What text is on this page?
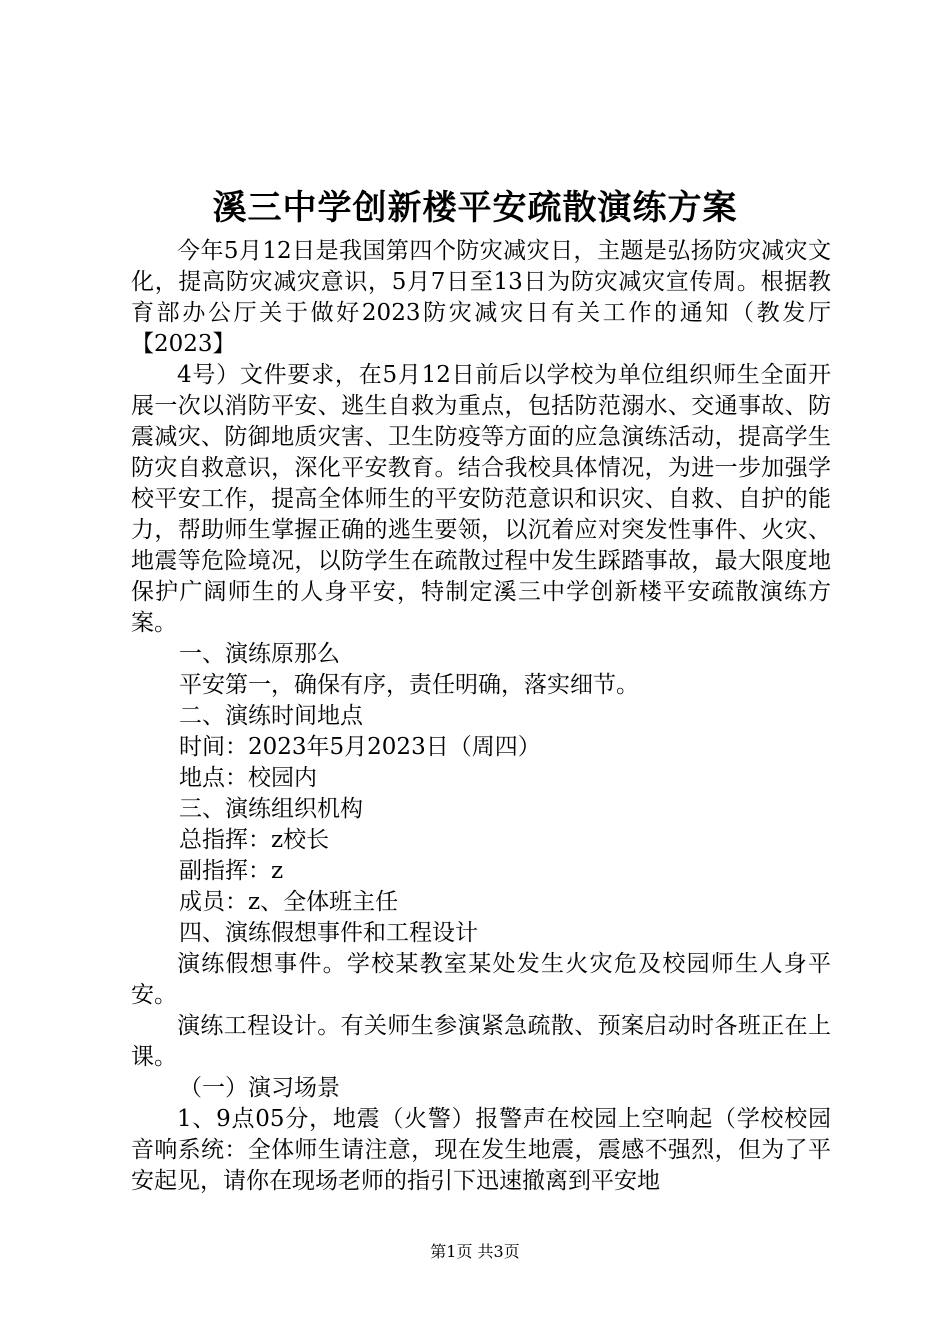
溪三中学创新楼平安疏散演练方案

今年5月12日是我国第四个防灾减灾日，主题是弘扬防灾减灾文化，提高防灾减灾意识，5月7日至13日为防灾减灾宣传周。根据教育部办公厅关于做好2023防灾减灾日有关工作的通知（教发厅【2023】

4号）文件要求，在5月12日前后以学校为单位组织师生全面开展一次以消防平安、逃生自救为重点，包括防范溺水、交通事故、防震减灾、防御地质灾害、卫生防疫等方面的应急演练活动，提高学生防灾自救意识，深化平安教育。结合我校具体情况，为进一步加强学校平安工作，提高全体师生的平安防范意识和识灾、自救、自护的能力，帮助师生掌握正确的逃生要领，以沉着应对突发性事件、火灾、地震等危险境况，以防学生在疏散过程中发生踩踏事故，最大限度地保护广阔师生的人身平安，特制定溪三中学创新楼平安疏散演练方案。

一、演练原那么

平安第一，确保有序，责任明确，落实细节。

二、演练时间地点

时间：2023年5月2023日（周四）

地点：校园内

三、演练组织机构

总指挥：z校长

副指挥：z

成员：z、全体班主任

四、演练假想事件和工程设计

演练假想事件。学校某教室某处发生火灾危及校园师生人身平安。

演练工程设计。有关师生参演紧急疏散、预案启动时各班正在上课。

（一）演习场景

1、9点05分，地震（火警）报警声在校园上空响起（学校校园音响系统：全体师生请注意，现在发生地震，震感不强烈，但为了平安起见，请你在现场老师的指引下迅速撤离到平安地

第1页 共3页
